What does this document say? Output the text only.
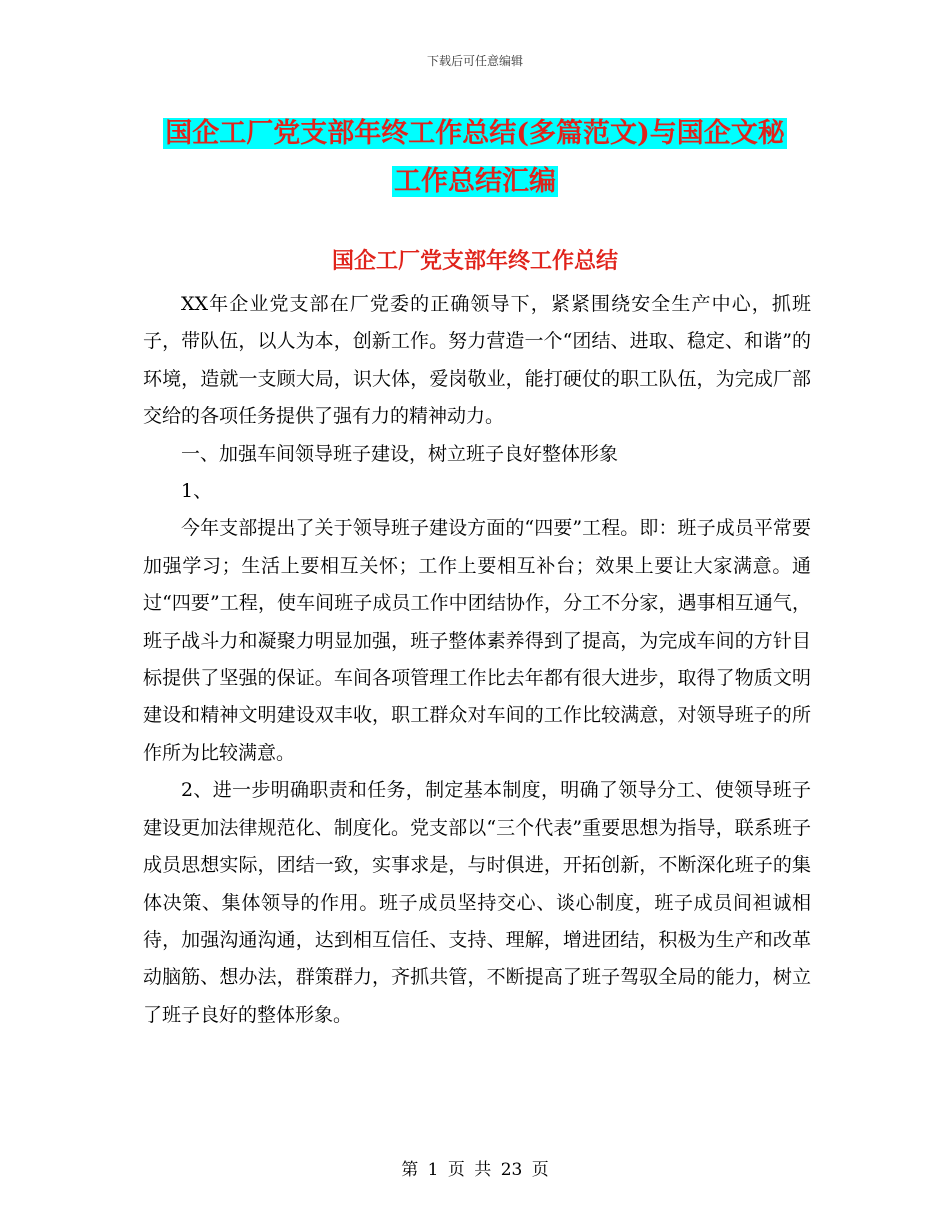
下载后可任意编辑
国企工厂党支部年终工作总结(多篇范文)与国企文秘
工作总结汇编
国企工厂党支部年终工作总结

XX年企业党支部在厂党委的正确领导下，紧紧围绕安全生产中心，抓班子，带队伍，以人为本，创新工作。努力营造一个“团结、进取、稳定、和谐”的环境，造就一支顾大局，识大体，爱岗敬业，能打硬仗的职工队伍，为完成厂部交给的各项任务提供了强有力的精神动力。

一、加强车间领导班子建设，树立班子良好整体形象

1、

今年支部提出了关于领导班子建设方面的“四要”工程。即：班子成员平常要加强学习；生活上要相互关怀；工作上要相互补台；效果上要让大家满意。通过“四要”工程，使车间班子成员工作中团结协作，分工不分家，遇事相互通气，班子战斗力和凝聚力明显加强，班子整体素养得到了提高，为完成车间的方针目标提供了坚强的保证。车间各项管理工作比去年都有很大进步，取得了物质文明建设和精神文明建设双丰收，职工群众对车间的工作比较满意，对领导班子的所作所为比较满意。

2、进一步明确职责和任务，制定基本制度，明确了领导分工、使领导班子建设更加法律规范化、制度化。党支部以“三个代表”重要思想为指导，联系班子成员思想实际，团结一致，实事求是，与时俱进，开拓创新，不断深化班子的集体决策、集体领导的作用。班子成员坚持交心、谈心制度，班子成员间袒诚相待，加强沟通沟通，达到相互信任、支持、理解，增进团结，积极为生产和改革动脑筋、想办法，群策群力，齐抓共管，不断提高了班子驾驭全局的能力，树立了班子良好的整体形象。

第 1 页 共 23 页
